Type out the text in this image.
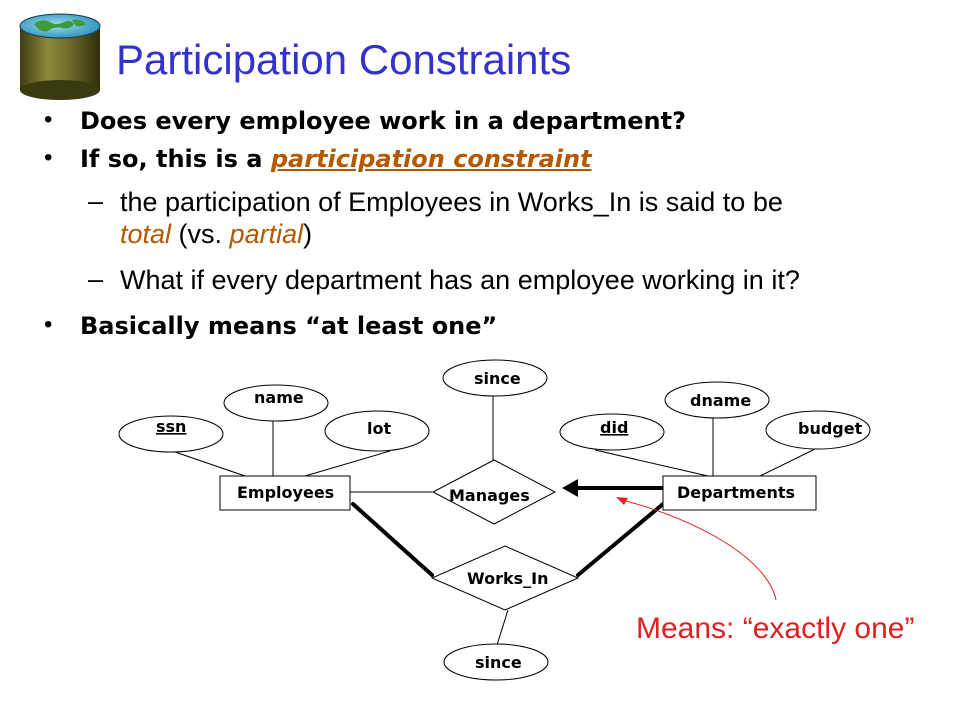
Participation Constraints
• Does every employee work in a department?
• If so, this is a participation constraint
– the participation of Employees in Works_In is said to be
total (vs. partial)
– What if every department has an employee working in it?
• Basically means “at least one”
ssn
name
lot
since
did
dname
budget
since
Employees	Departments
Manages
Works_In
Means: “exactly one”
